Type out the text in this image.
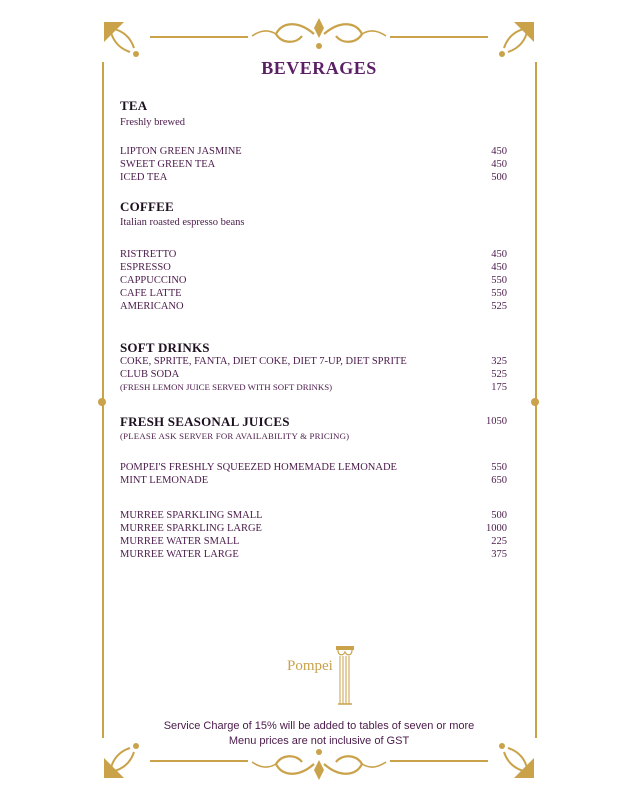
BEVERAGES
TEA
Freshly brewed
LIPTON GREEN JASMINE	450
SWEET GREEN TEA	450
ICED TEA	500
COFFEE
Italian roasted espresso beans
RISTRETTO	450
ESPRESSO	450
CAPPUCCINO	550
CAFE LATTE	550
AMERICANO	525
SOFT DRINKS
COKE, SPRITE, FANTA, DIET COKE, DIET 7-UP, DIET SPRITE	325
CLUB SODA	525
(FRESH LEMON JUICE SERVED WITH SOFT DRINKS)	175
FRESH SEASONAL JUICES	1050
(PLEASE ASK SERVER FOR AVAILABILITY & PRICING)
POMPEI'S FRESHLY SQUEEZED HOMEMADE LEMONADE	550
MINT LEMONADE	650
MURREE SPARKLING SMALL	500
MURREE SPARKLING LARGE	1000
MURREE WATER SMALL	225
MURREE WATER LARGE	375
Pompei
Service Charge of 15% will be added to tables of seven or more
Menu prices are not inclusive of GST
